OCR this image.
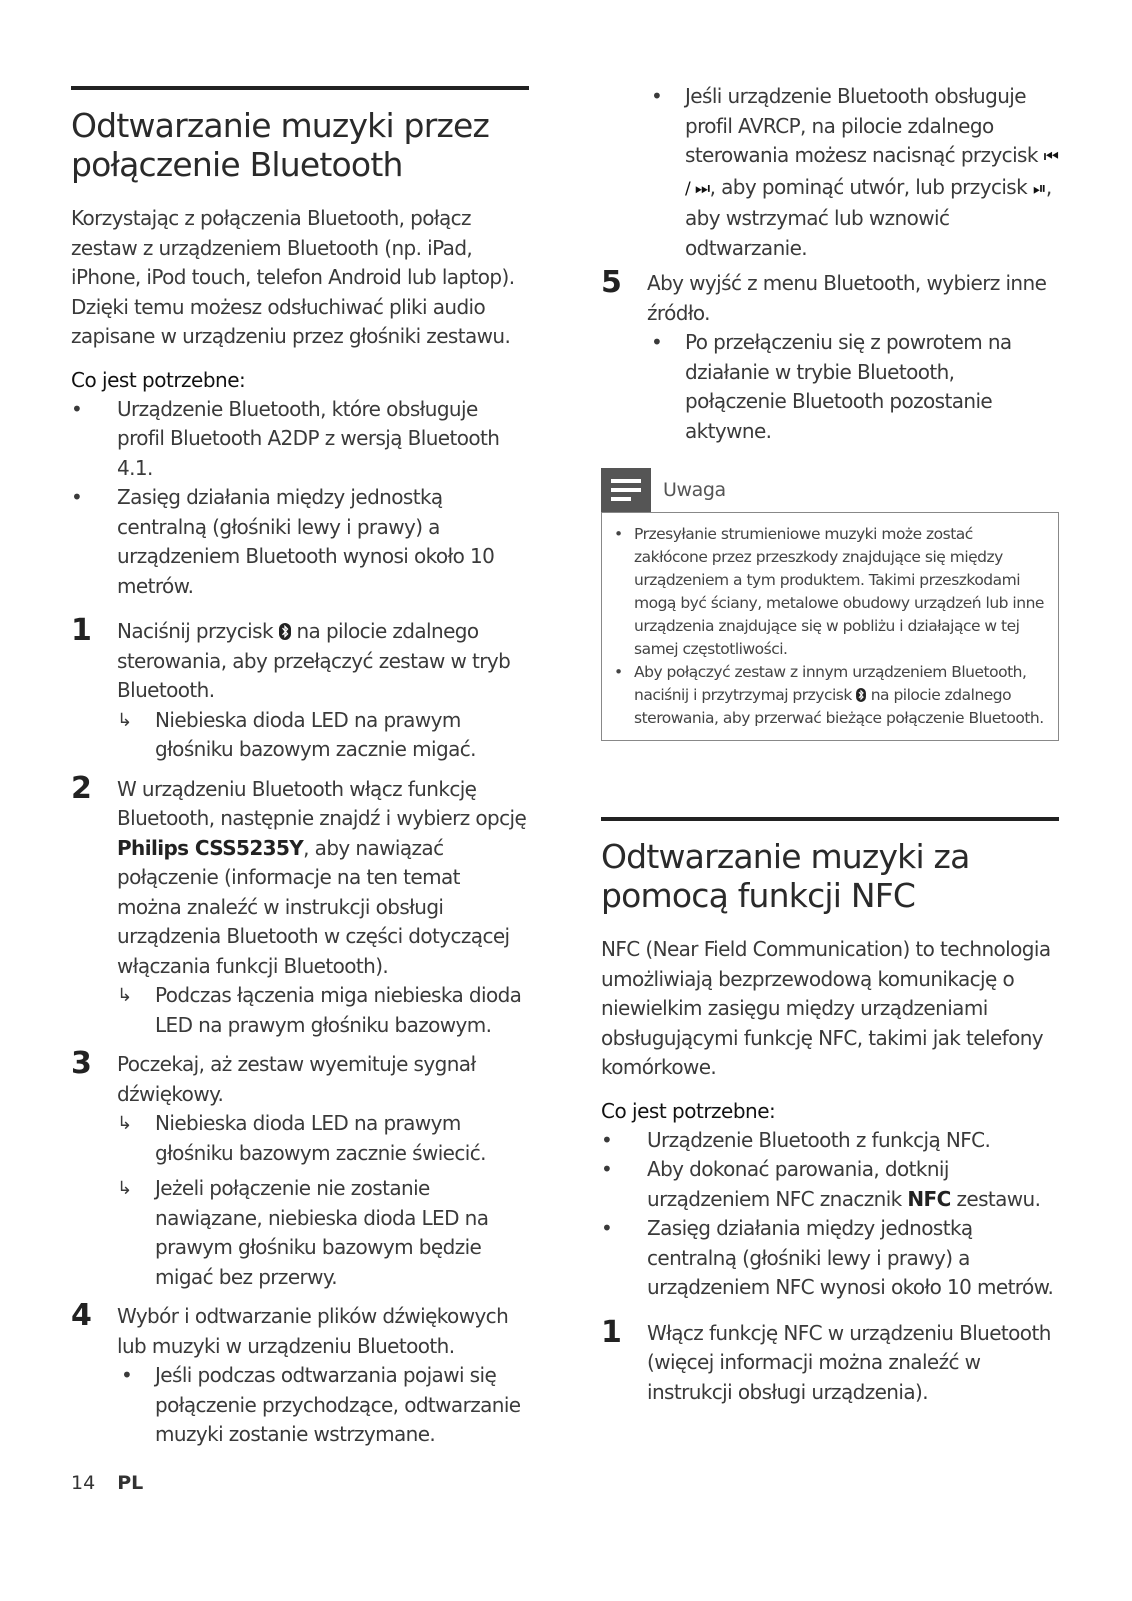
Odtwarzanie muzyki przez połączenie Bluetooth

Korzystając z połączenia Bluetooth, połącz zestaw z urządzeniem Bluetooth (np. iPad, iPhone, iPod touch, telefon Android lub laptop). Dzięki temu możesz odsłuchiwać pliki audio zapisane w urządzeniu przez głośniki zestawu.

Co jest potrzebne:

• Urządzenie Bluetooth, które obsługuje profil Bluetooth A2DP z wersją Bluetooth 4.1.
• Zasięg działania między jednostką centralną (głośniki lewy i prawy) a urządzeniem Bluetooth wynosi około 10 metrów.
1 Naciśnij przycisk  na pilocie zdalnego sterowania, aby przełączyć zestaw w tryb Bluetooth.
↳ Niebieska dioda LED na prawym głośniku bazowym zacznie migać.
2 W urządzeniu Bluetooth włącz funkcję Bluetooth, następnie znajdź i wybierz opcję Philips CSS5235Y, aby nawiązać połączenie (informacje na ten temat można znaleźć w instrukcji obsługi urządzenia Bluetooth w części dotyczącej włączania funkcji Bluetooth).
↳ Podczas łączenia miga niebieska dioda LED na prawym głośniku bazowym.
3 Poczekaj, aż zestaw wyemituje sygnał dźwiękowy.
↳ Niebieska dioda LED na prawym głośniku bazowym zacznie świecić.
↳ Jeżeli połączenie nie zostanie nawiązane, niebieska dioda LED na prawym głośniku bazowym będzie migać bez przerwy.
4 Wybór i odtwarzanie plików dźwiękowych lub muzyki w urządzeniu Bluetooth.
• Jeśli podczas odtwarzania pojawi się połączenie przychodzące, odtwarzanie muzyki zostanie wstrzymane.
• Jeśli urządzenie Bluetooth obsługuje profil AVRCP, na pilocie zdalnego sterowania możesz nacisnąć przycisk ⏮ / ⏭, aby pominąć utwór, lub przycisk ⏯, aby wstrzymać lub wznowić odtwarzanie.
5 Aby wyjść z menu Bluetooth, wybierz inne źródło.
• Po przełączeniu się z powrotem na działanie w trybie Bluetooth, połączenie Bluetooth pozostanie aktywne.
Uwaga
• Przesyłanie strumieniowe muzyki może zostać zakłócone przez przeszkody znajdujące się między urządzeniem a tym produktem. Takimi przeszkodami mogą być ściany, metalowe obudowy urządzeń lub inne urządzenia znajdujące się w pobliżu i działające w tej samej częstotliwości.
• Aby połączyć zestaw z innym urządzeniem Bluetooth, naciśnij i przytrzymaj przycisk  na pilocie zdalnego sterowania, aby przerwać bieżące połączenie Bluetooth.
Odtwarzanie muzyki za pomocą funkcji NFC

NFC (Near Field Communication) to technologia umożliwiają bezprzewodową komunikację o niewielkim zasięgu między urządzeniami obsługującymi funkcję NFC, takimi jak telefony komórkowe.

Co jest potrzebne:

• Urządzenie Bluetooth z funkcją NFC.
• Aby dokonać parowania, dotknij urządzeniem NFC znacznik NFC zestawu.
• Zasięg działania między jednostką centralną (głośniki lewy i prawy) a urządzeniem NFC wynosi około 10 metrów.
1 Włącz funkcję NFC w urządzeniu Bluetooth (więcej informacji można znaleźć w instrukcji obsługi urządzenia).
14 PL
